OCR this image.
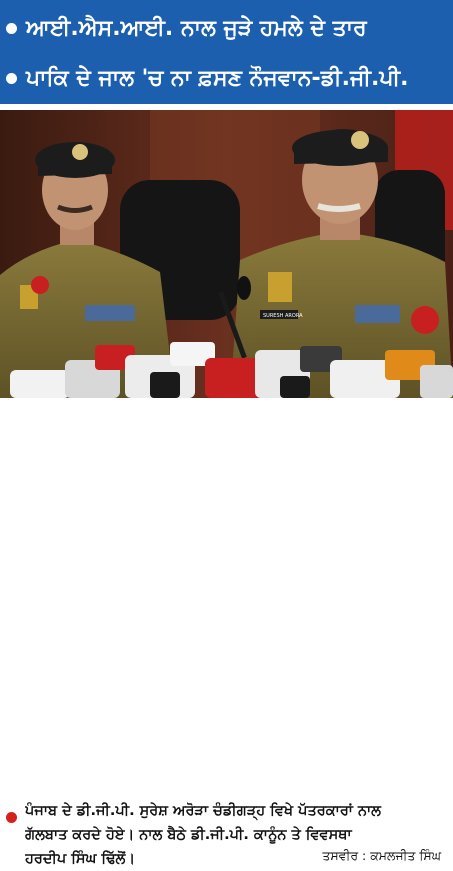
ਆਈ.ਐਸ.ਆਈ. ਨਾਲ ਜੁੜੇ ਹਮਲੇ ਦੇ ਤਾਰ
ਪਾਕਿ ਦੇ ਜਾਲ 'ਚ ਨਾ ਫ਼ਸਣ ਨੌਜਵਾਨ-ਡੀ.ਜੀ.ਪੀ.
SURESH ARORA
ਪੰਜਾਬ ਦੇ ਡੀ.ਜੀ.ਪੀ. ਸੁਰੇਸ਼ ਅਰੋੜਾ ਚੰਡੀਗੜ੍ਹ ਵਿਖੇ ਪੱਤਰਕਾਰਾਂ ਨਾਲ
ਗੱਲਬਾਤ ਕਰਦੇ ਹੋਏ। ਨਾਲ ਬੈਠੇ ਡੀ.ਜੀ.ਪੀ. ਕਾਨੂੰਨ ਤੇ ਵਿਵਸਥਾ
ਹਰਦੀਪ ਸਿੰਘ ਢਿੱਲੋਂ।	ਤਸਵੀਰ : ਕਮਲਜੀਤ ਸਿੰਘ
